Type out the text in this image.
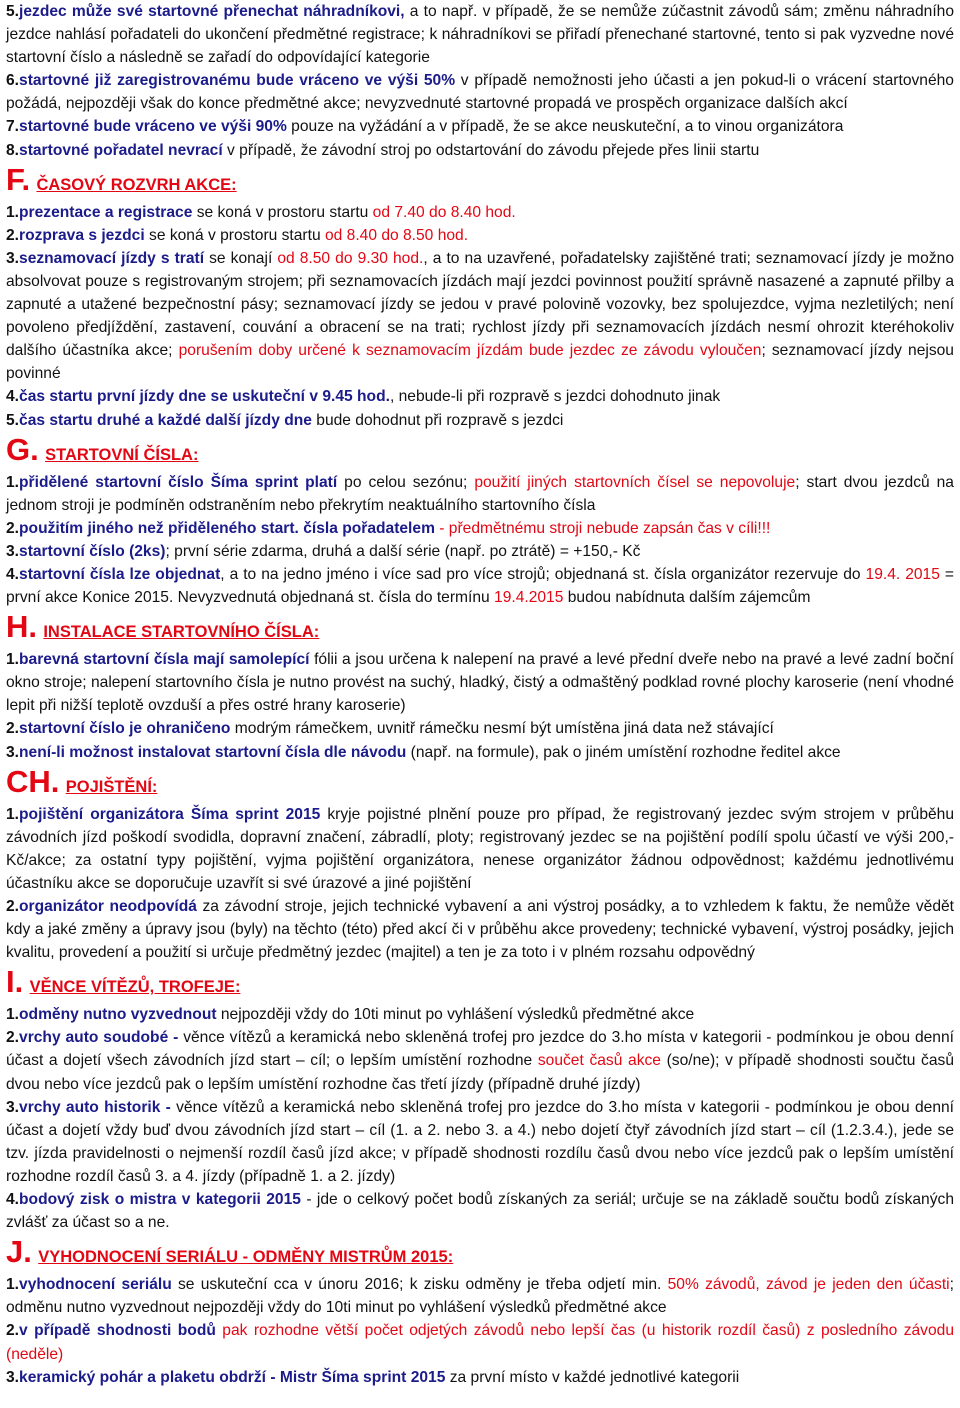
5.jezdec může své startovné přenechat náhradníkovi, a to např. v případě, že se nemůže zúčastnit závodů sám; změnu náhradního jezdce nahlásí pořadateli do ukončení předmětné registrace; k náhradníkovi se přiřadí přenechané startovné, tento si pak vyzvedne nové startovní číslo a následně se zařadí do odpovídající kategorie

6.startovné již zaregistrovanému bude vráceno ve výši 50% v případě nemožnosti jeho účasti a jen pokud-li o vrácení startovného požádá, nejpozději však do konce předmětné akce; nevyzvednuté startovné propadá ve prospěch organizace dalších akcí

7.startovné bude vráceno ve výši 90% pouze na vyžádání a v případě, že se akce neuskuteční, a to vinou organizátora

8.startovné pořadatel nevrací v případě, že závodní stroj po odstartování do závodu přejede přes linii startu

F. ČASOVÝ ROZVRH AKCE:

1.prezentace a registrace se koná v prostoru startu od 7.40 do 8.40 hod.

2.rozprava s jezdci se koná v prostoru startu od 8.40 do 8.50 hod.

3.seznamovací jízdy s tratí se konají od 8.50 do 9.30 hod., a to na uzavřené, pořadatelsky zajištěné trati; seznamovací jízdy je možno absolvovat pouze s registrovaným strojem; při seznamovacích jízdách mají jezdci povinnost použití správně nasazené a zapnuté přilby a zapnuté a utažené bezpečnostní pásy; seznamovací jízdy se jedou v pravé polovině vozovky, bez spolujezdce, vyjma nezletilých; není povoleno předjíždění, zastavení, couvání a obracení se na trati; rychlost jízdy při seznamovacích jízdách nesmí ohrozit kteréhokoliv dalšího účastníka akce; porušením doby určené k seznamovacím jízdám bude jezdec ze závodu vyloučen; seznamovací jízdy nejsou povinné

4.čas startu první jízdy dne se uskuteční v 9.45 hod., nebude-li při rozpravě s jezdci dohodnuto jinak

5.čas startu druhé a každé další jízdy dne bude dohodnut při rozpravě s jezdci

G. STARTOVNÍ ČÍSLA:

1.přidělené startovní číslo Šíma sprint platí po celou sezónu; použití jiných startovních čísel se nepovoluje; start dvou jezdců na jednom stroji je podmíněn odstraněním nebo překrytím neaktuálního startovního čísla

2.použitím jiného než přiděleného start. čísla pořadatelem - předmětnému stroji nebude zapsán čas v cíli!!!

3.startovní číslo (2ks); první série zdarma, druhá a další série (např. po ztrátě) = +150,- Kč

4.startovní čísla lze objednat, a to na jedno jméno i více sad pro více strojů; objednaná st. čísla organizátor rezervuje do 19.4. 2015 = první akce Konice 2015. Nevyzvednutá objednaná st. čísla do termínu 19.4.2015 budou nabídnuta dalším zájemcům

H. INSTALACE STARTOVNÍHO ČÍSLA:

1.barevná startovní čísla mají samolepící fólii a jsou určena k nalepení na pravé a levé přední dveře nebo na pravé a levé zadní boční okno stroje; nalepení startovního čísla je nutno provést na suchý, hladký, čistý a odmaštěný podklad rovné plochy karoserie (není vhodné lepit při nižší teplotě ovzduší a přes ostré hrany karoserie)

2.startovní číslo je ohraničeno modrým rámečkem, uvnitř rámečku nesmí být umístěna jiná data než stávající

3.není-li možnost instalovat startovní čísla dle návodu (např. na formule), pak o jiném umístění rozhodne ředitel akce

CH. POJIŠTĚNÍ:

1.pojištění organizátora Šíma sprint 2015 kryje pojistné plnění pouze pro případ, že registrovaný jezdec svým strojem v průběhu závodních jízd poškodí svodidla, dopravní značení, zábradlí, ploty; registrovaný jezdec se na pojištění podílí spolu účastí ve výši 200,- Kč/akce; za ostatní typy pojištění, vyjma pojištění organizátora, nenese organizátor žádnou odpovědnost; každému jednotlivému účastníku akce se doporučuje uzavřít si své úrazové a jiné pojištění

2.organizátor neodpovídá za závodní stroje, jejich technické vybavení a ani výstroj posádky, a to vzhledem k faktu, že nemůže vědět kdy a jaké změny a úpravy jsou (byly) na těchto (této) před akcí či v průběhu akce provedeny; technické vybavení, výstroj posádky, jejich kvalitu, provedení a použití si určuje předmětný jezdec (majitel) a ten je za toto i v plném rozsahu odpovědný

I. VĚNCE VÍTĚZŮ, TROFEJE:

1.odměny nutno vyzvednout nejpozději vždy do 10ti minut po vyhlášení výsledků předmětné akce

2.vrchy auto soudobé - věnce vítězů a keramická nebo skleněná trofej pro jezdce do 3.ho místa v kategorii - podmínkou je obou denní účast a dojetí všech závodních jízd start – cíl; o lepším umístění rozhodne součet časů akce (so/ne); v případě shodnosti součtu časů dvou nebo více jezdců pak o lepším umístění rozhodne čas třetí jízdy (případně druhé jízdy)

3.vrchy auto historik - věnce vítězů a keramická nebo skleněná trofej pro jezdce do 3.ho místa v kategorii - podmínkou je obou denní účast a dojetí vždy buď dvou závodních jízd start – cíl (1. a 2. nebo 3. a 4.) nebo dojetí čtyř závodních jízd start – cíl (1.2.3.4.), jede se tzv. jízda pravidelnosti o nejmenší rozdíl časů jízd akce; v případě shodnosti rozdílu časů dvou nebo více jezdců pak o lepším umístění rozhodne rozdíl časů 3. a 4. jízdy (případně 1. a 2. jízdy)

4.bodový zisk o mistra v kategorii 2015 - jde o celkový počet bodů získaných za seriál; určuje se na základě součtu bodů získaných zvlášť za účast so a ne.

J. VYHODNOCENÍ SERIÁLU - ODMĚNY MISTRŮM 2015:

1.vyhodnocení seriálu se uskuteční cca v únoru 2016; k zisku odměny je třeba odjetí min. 50% závodů, závod je jeden den účasti; odměnu nutno vyzvednout nejpozději vždy do 10ti minut po vyhlášení výsledků předmětné akce

2.v případě shodnosti bodů pak rozhodne větší počet odjetých závodů nebo lepší čas (u historik rozdíl časů) z posledního závodu (neděle)

3.keramický pohár a plaketu obdrží - Mistr Šíma sprint 2015 za první místo v každé jednotlivé kategorii
